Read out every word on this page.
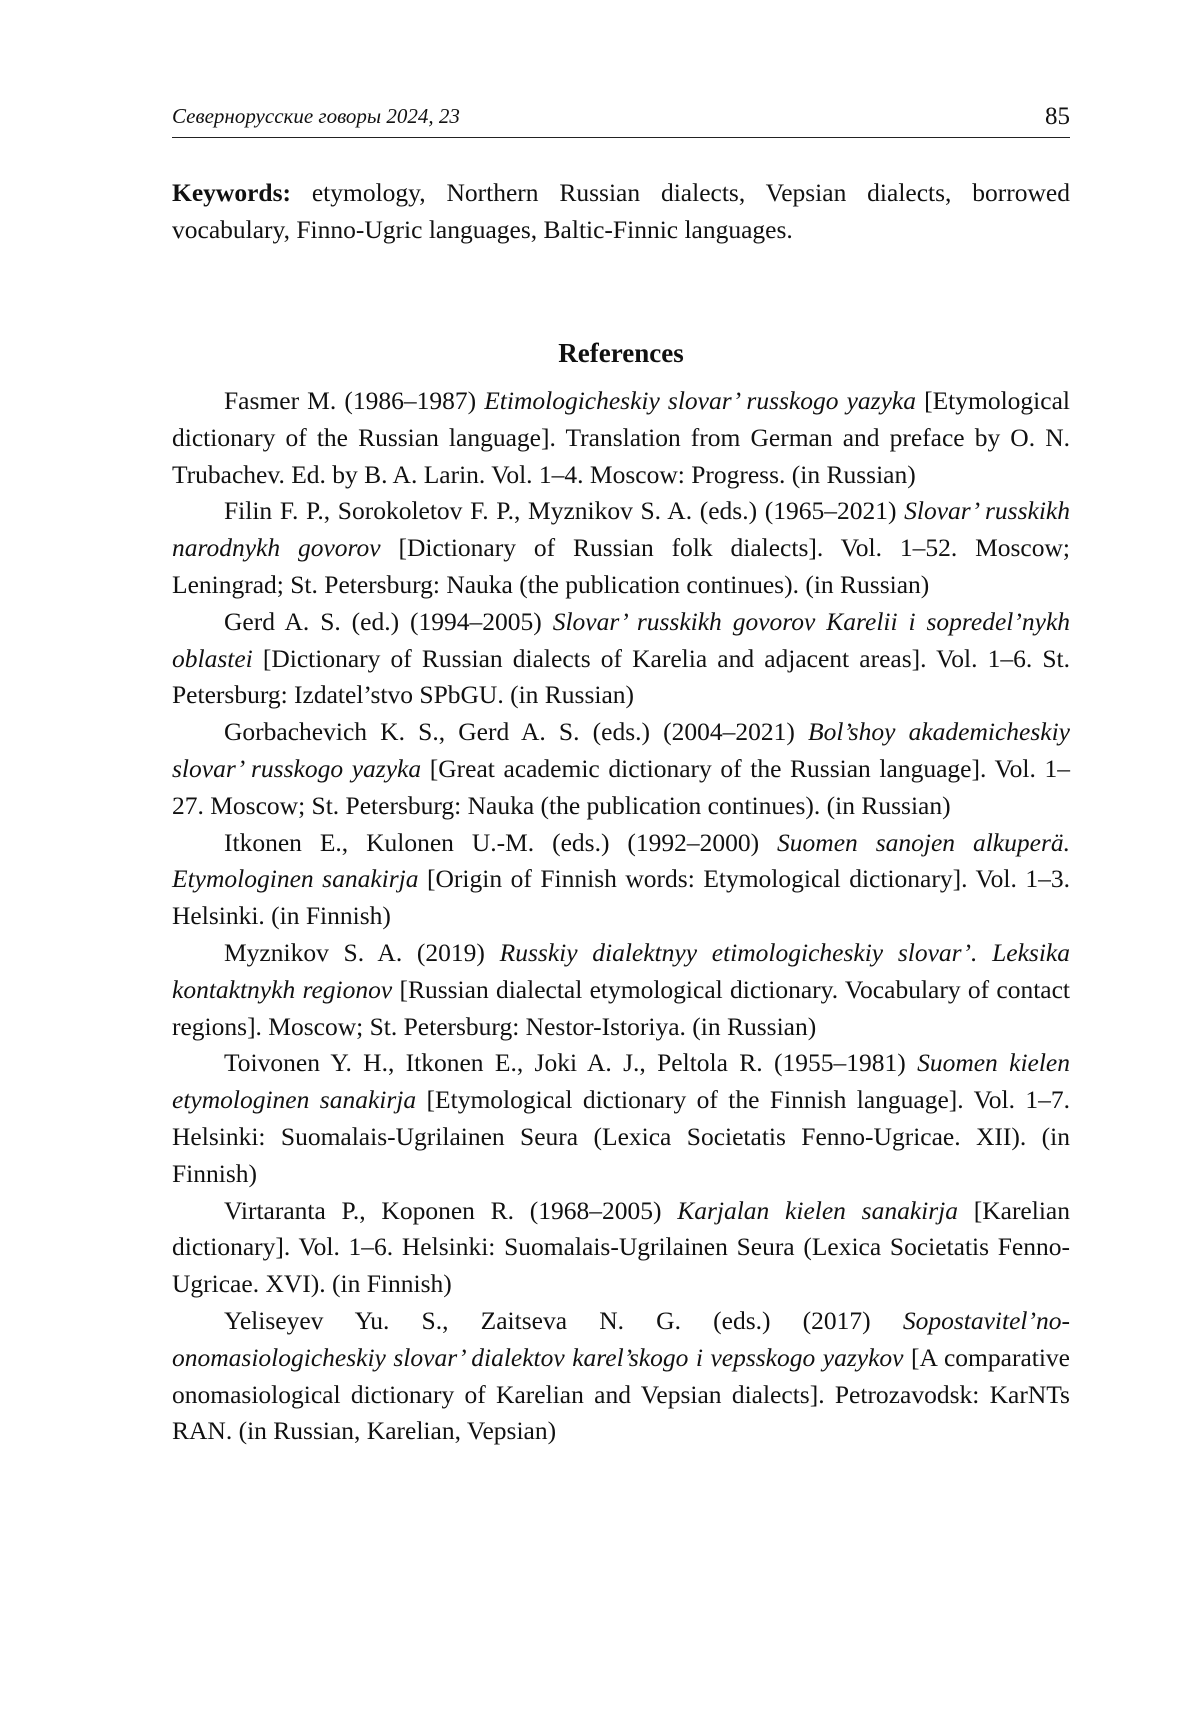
Севернорусские говоры 2024, 23	85

Keywords: etymology, Northern Russian dialects, Vepsian dialects, borrowed vocabulary, Finno-Ugric languages, Baltic-Finnic languages.

References

Fasmer M. (1986–1987) Etimologicheskiy slovar’ russkogo yazyka [Etymological dictionary of the Russian language]. Translation from German and preface by O. N. Trubachev. Ed. by B. A. Larin. Vol. 1–4. Moscow: Progress. (in Russian)

Filin F. P., Sorokoletov F. P., Myznikov S. A. (eds.) (1965–2021) Slovar’ russkikh narodnykh govorov [Dictionary of Russian folk dialects]. Vol. 1–52. Moscow; Leningrad; St. Petersburg: Nauka (the publication continues). (in Russian)

Gerd A. S. (ed.) (1994–2005) Slovar’ russkikh govorov Karelii i sopredel’nykh oblastei [Dictionary of Russian dialects of Karelia and adjacent areas]. Vol. 1–6. St. Petersburg: Izdatel’stvo SPbGU. (in Russian)

Gorbachevich K. S., Gerd A. S. (eds.) (2004–2021) Bol’shoy akademicheskiy slovar’ russkogo yazyka [Great academic dictionary of the Russian language]. Vol. 1–27. Moscow; St. Petersburg: Nauka (the publication continues). (in Russian)

Itkonen E., Kulonen U.-M. (eds.) (1992–2000) Suomen sanojen alkuperä. Etymologinen sanakirja [Origin of Finnish words: Etymological dictionary]. Vol. 1–3. Helsinki. (in Finnish)

Myznikov S. A. (2019) Russkiy dialektnyy etimologicheskiy slovar’. Leksika kontaktnykh regionov [Russian dialectal etymological dictionary. Vocabulary of contact regions]. Moscow; St. Petersburg: Nestor-Istoriya. (in Russian)

Toivonen Y. H., Itkonen E., Joki A. J., Peltola R. (1955–1981) Suomen kielen etymologinen sanakirja [Etymological dictionary of the Finnish language]. Vol. 1–7. Helsinki: Suomalais-Ugrilainen Seura (Lexica Societatis Fenno-Ugricae. XII). (in Finnish)

Virtaranta P., Koponen R. (1968–2005) Karjalan kielen sanakirja [Karelian dictionary]. Vol. 1–6. Helsinki: Suomalais-Ugrilainen Seura (Lexica Societatis Fenno-Ugricae. XVI). (in Finnish)

Yeliseyev Yu. S., Zaitseva N. G. (eds.) (2017) Sopostavitel’no-onomasiologicheskiy slovar’ dialektov karel’skogo i vepsskogo yazykov [A comparative onomasiological dictionary of Karelian and Vepsian dialects]. Petrozavodsk: KarNTs RAN. (in Russian, Karelian, Vepsian)
